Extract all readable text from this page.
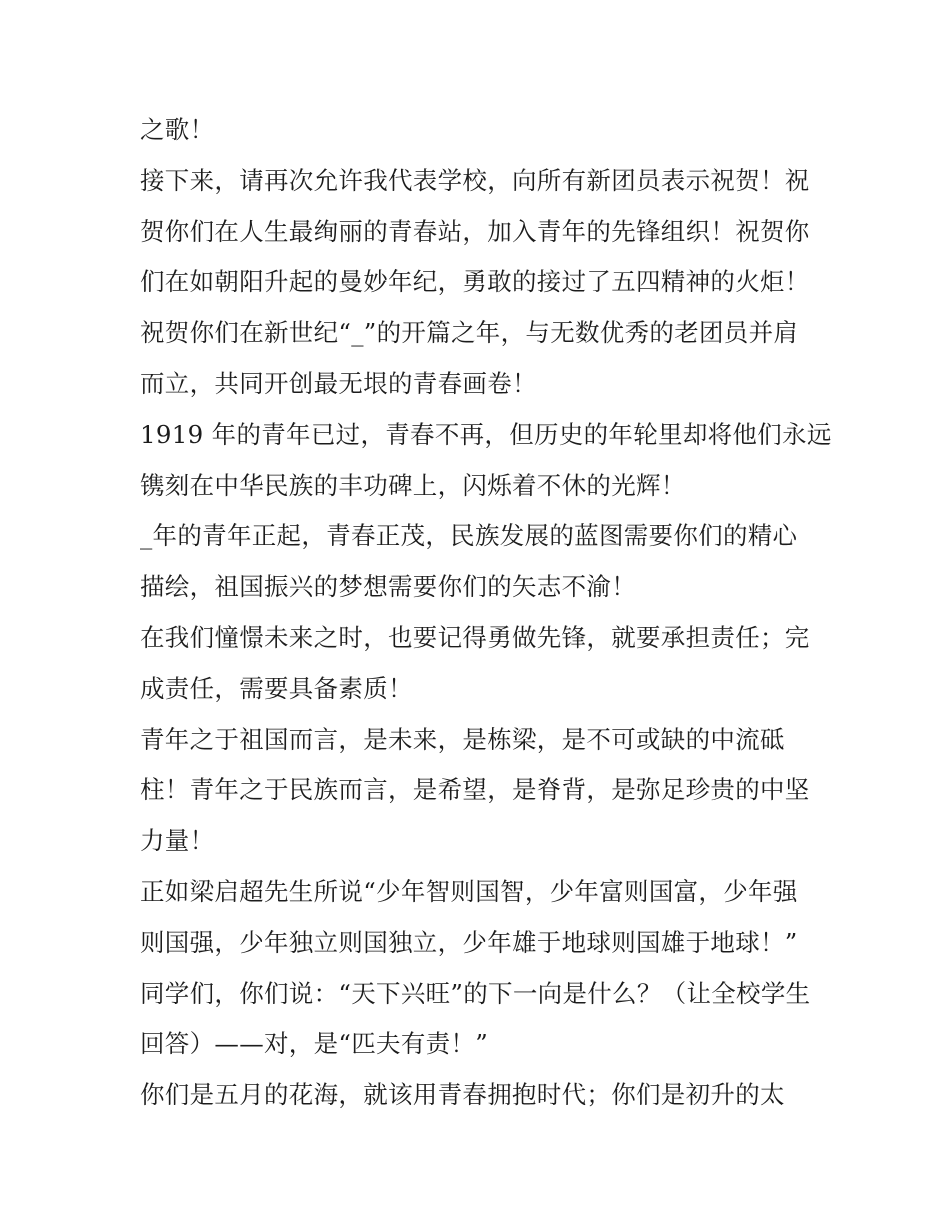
之歌！
接下来，请再次允许我代表学校，向所有新团员表示祝贺！祝
贺你们在人生最绚丽的青春站，加入青年的先锋组织！祝贺你
们在如朝阳升起的曼妙年纪，勇敢的接过了五四精神的火炬！
祝贺你们在新世纪“_”的开篇之年，与无数优秀的老团员并肩
而立，共同开创最无垠的青春画卷！
1919 年的青年已过，青春不再，但历史的年轮里却将他们永远
镌刻在中华民族的丰功碑上，闪烁着不休的光辉！
_年的青年正起，青春正茂，民族发展的蓝图需要你们的精心
描绘，祖国振兴的梦想需要你们的矢志不渝！
在我们憧憬未来之时，也要记得勇做先锋，就要承担责任；完
成责任，需要具备素质！
青年之于祖国而言，是未来，是栋梁，是不可或缺的中流砥
柱！青年之于民族而言，是希望，是脊背，是弥足珍贵的中坚
力量！
正如梁启超先生所说“少年智则国智，少年富则国富，少年强
则国强，少年独立则国独立，少年雄于地球则国雄于地球！”
同学们，你们说：“天下兴旺”的下一向是什么？（让全校学生
回答）——对，是“匹夫有责！”
你们是五月的花海，就该用青春拥抱时代；你们是初升的太
